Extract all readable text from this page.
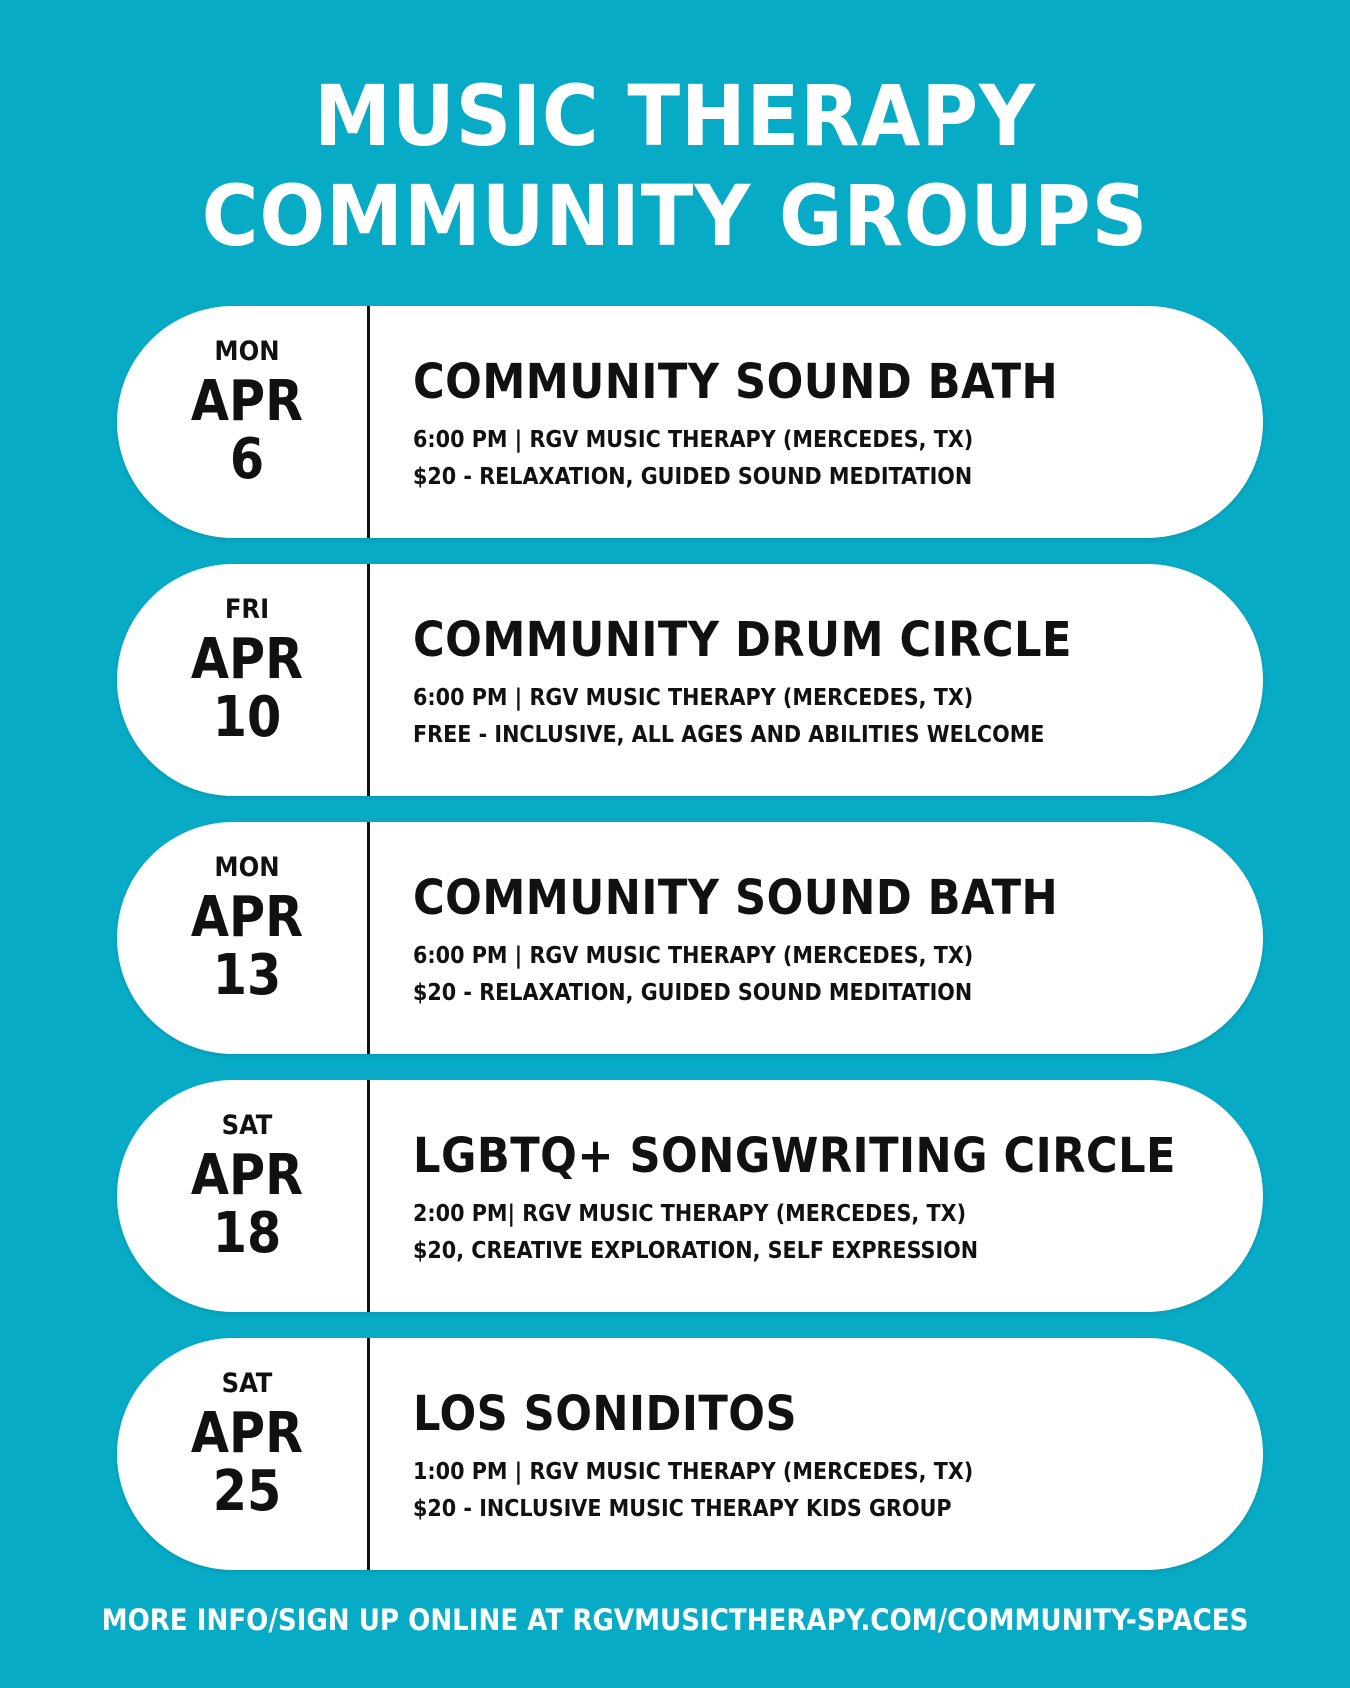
MUSIC THERAPY
COMMUNITY GROUPS
MON
APR
6
COMMUNITY SOUND BATH
6:00 PM | RGV MUSIC THERAPY (MERCEDES, TX)
$20 - RELAXATION, GUIDED SOUND MEDITATION
FRI
APR
10
COMMUNITY DRUM CIRCLE
6:00 PM | RGV MUSIC THERAPY (MERCEDES, TX)
FREE - INCLUSIVE, ALL AGES AND ABILITIES WELCOME
MON
APR
13
COMMUNITY SOUND BATH
6:00 PM | RGV MUSIC THERAPY (MERCEDES, TX)
$20 - RELAXATION, GUIDED SOUND MEDITATION
SAT
APR
18
LGBTQ+ SONGWRITING CIRCLE
2:00 PM| RGV MUSIC THERAPY (MERCEDES, TX)
$20, CREATIVE EXPLORATION, SELF EXPRESSION
SAT
APR
25
LOS SONIDITOS
1:00 PM | RGV MUSIC THERAPY (MERCEDES, TX)
$20 - INCLUSIVE MUSIC THERAPY KIDS GROUP
MORE INFO/SIGN UP ONLINE AT RGVMUSICTHERAPY.COM/COMMUNITY-SPACES
